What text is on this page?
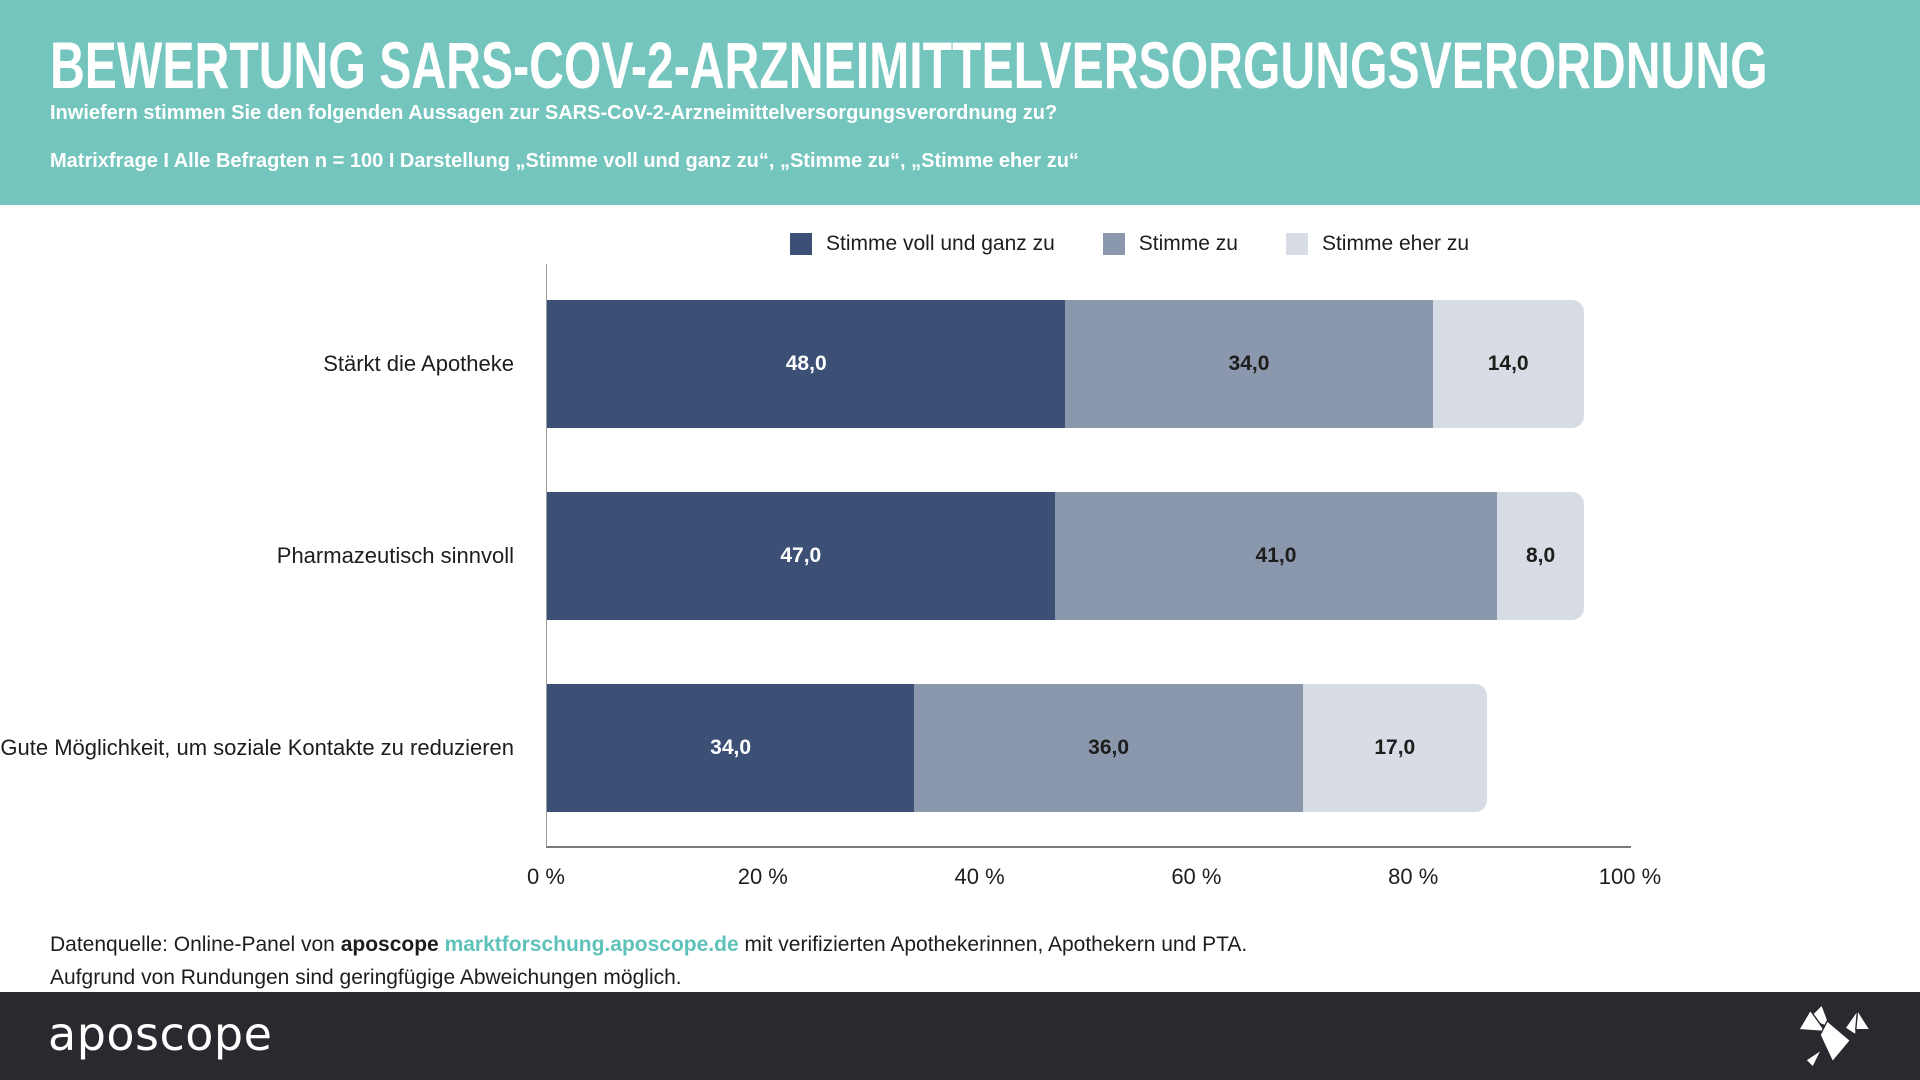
BEWERTUNG SARS-COV-2-ARZNEIMITTELVERSORGUNGSVERORDNUNG

Inwiefern stimmen Sie den folgenden Aussagen zur SARS-CoV-2-Arzneimittelversorgungsverordnung zu?

Matrixfrage I Alle Befragten n = 100 I Darstellung „Stimme voll und ganz zu“, „Stimme zu“, „Stimme eher zu“

Stimme voll und ganz zu	Stimme zu	Stimme eher zu
Stärkt die Apotheke
Pharmazeutisch sinnvoll
Gute Möglichkeit, um soziale Kontakte zu reduzieren
48,0	34,0	14,0
47,0	41,0	8,0
34,0	36,0	17,0
0 %	20 %	40 %	60 %	80 %	100 %
Datenquelle: Online-Panel von aposcope marktforschung.aposcope.de mit verifizierten Apothekerinnen, Apothekern und PTA.
Aufgrund von Rundungen sind geringfügige Abweichungen möglich.
aposcope
